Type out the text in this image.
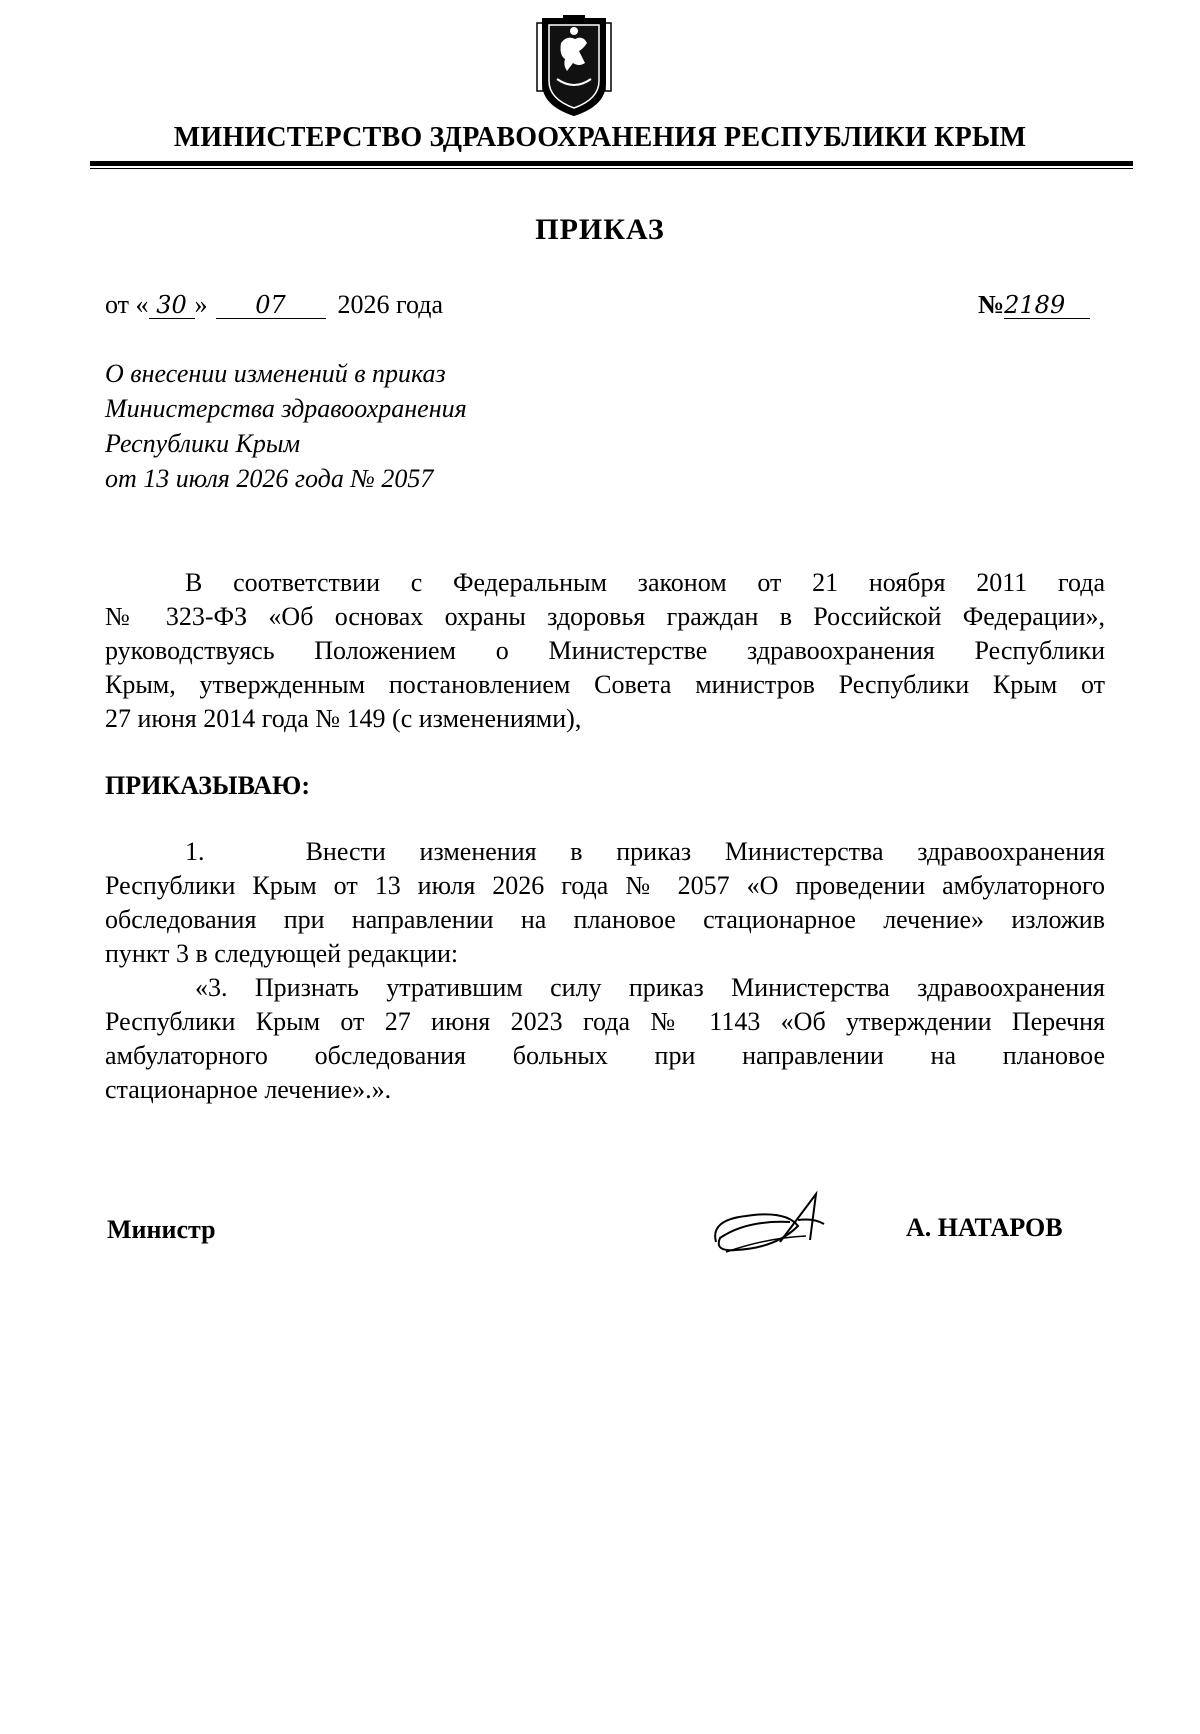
МИНИСТЕРСТВО ЗДРАВООХРАНЕНИЯ РЕСПУБЛИКИ КРЫМ
ПРИКАЗ
от « 30 » 07 2026 года	№2189
О внесении изменений в приказ
Министерства здравоохранения
Республики Крым
от 13 июля 2026 года № 2057
В соответствии с Федеральным законом от 21 ноября 2011 года
№ 323-ФЗ «Об основах охраны здоровья граждан в Российской Федерации»,
руководствуясь Положением о Министерстве здравоохранения Республики
Крым, утвержденным постановлением Совета министров Республики Крым от
27 июня 2014 года № 149 (с изменениями),
ПРИКАЗЫВАЮ:
1.   Внести изменения в приказ Министерства здравоохранения
Республики Крым от 13 июля 2026 года № 2057 «О проведении амбулаторного
обследования при направлении на плановое стационарное лечение» изложив
пункт 3 в следующей редакции:
«3. Признать утратившим силу приказ Министерства здравоохранения
Республики Крым от 27 июня 2023 года № 1143 «Об утверждении Перечня
амбулаторного обследования больных при направлении на плановое
стационарное лечение».».
Министр	А. НАТАРОВ
